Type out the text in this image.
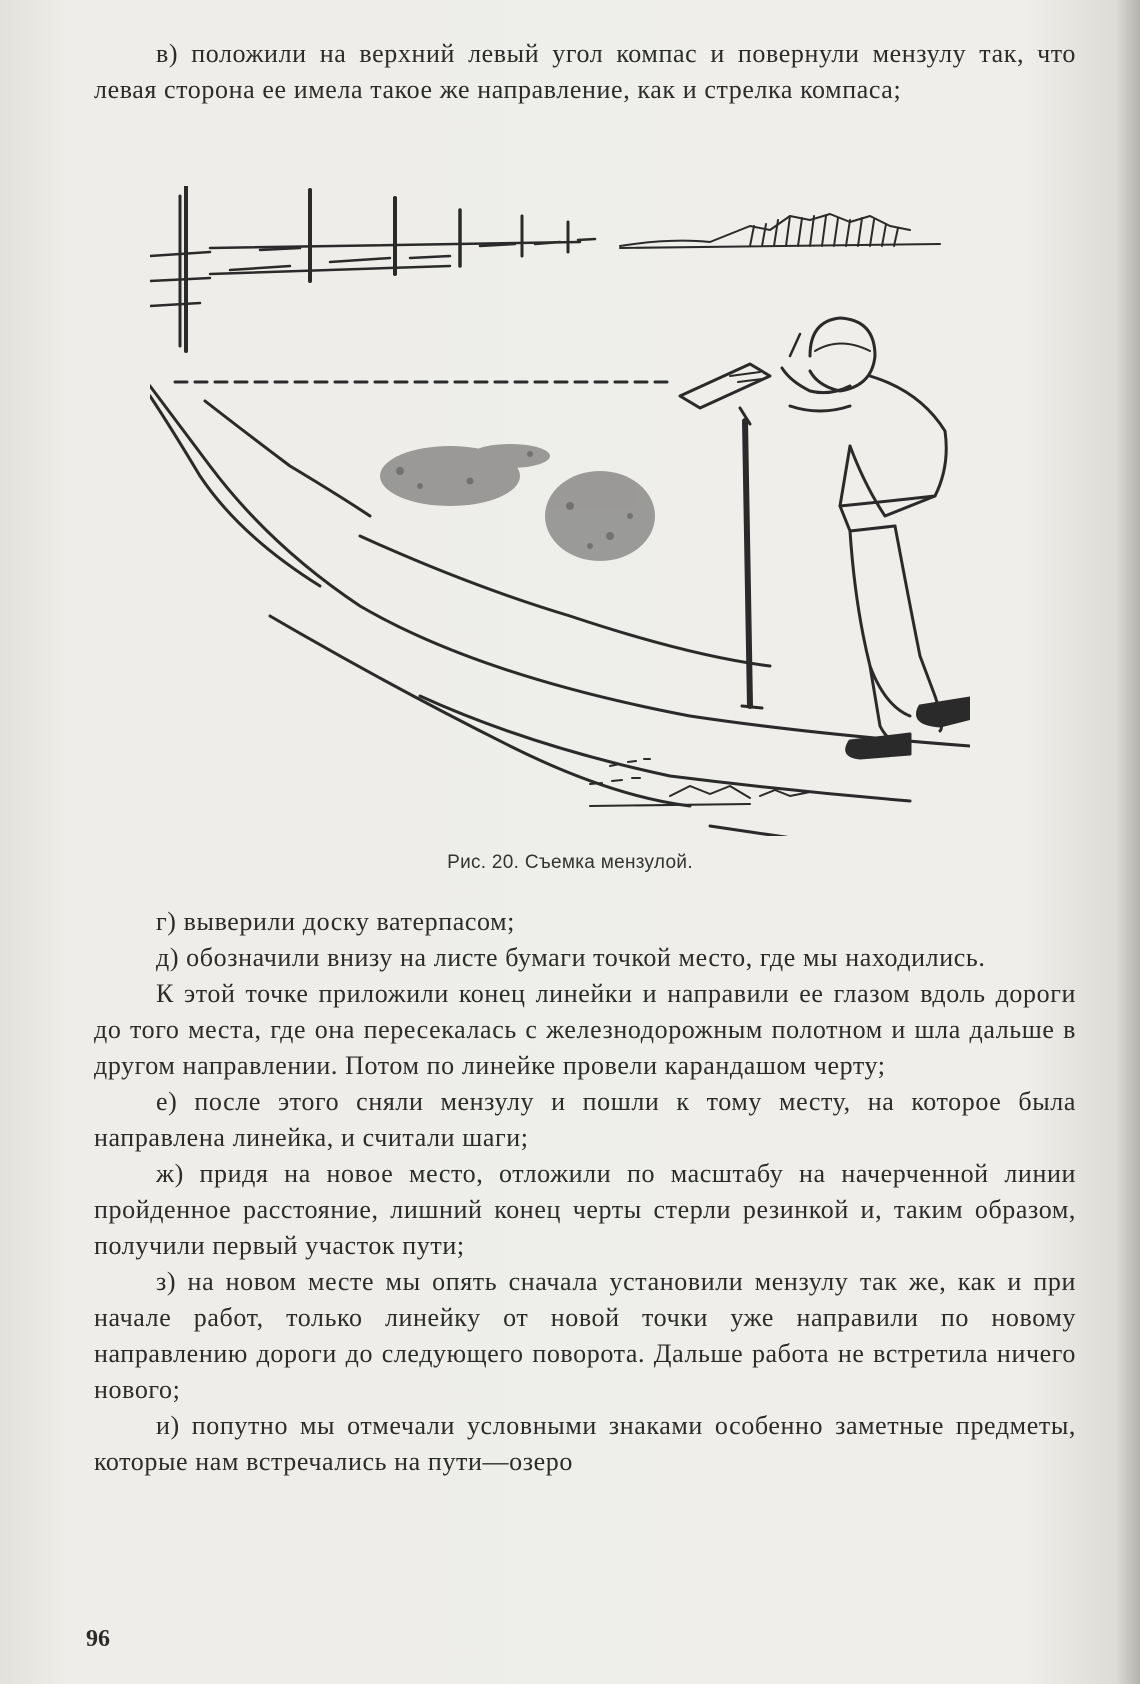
в) положили на верхний левый угол компас и повернули мензулу так, что левая сторона ее имела такое же направление, как и стрелка компаса;

Рис. 20. Съемка мензулой.

г) выверили доску ватерпасом;

д) обозначили внизу на листе бумаги точкой место, где мы находились.

К этой точке приложили конец линейки и направили ее глазом вдоль дороги до того места, где она пересекалась с железнодорожным полотном и шла дальше в другом направлении. Потом по линейке провели карандашом черту;

е) после этого сняли мензулу и пошли к тому месту, на которое была направлена линейка, и считали шаги;

ж) придя на новое место, отложили по масштабу на начерченной линии пройденное расстояние, лишний конец черты стерли резинкой и, таким образом, получили первый участок пути;

з) на новом месте мы опять сначала установили мензулу так же, как и при начале работ, только линейку от новой точки уже направили по новому направлению дороги до следующего поворота. Дальше работа не встретила ничего нового;

и) попутно мы отмечали условными знаками особенно заметные предметы, которые нам встречались на пути—озеро

96
